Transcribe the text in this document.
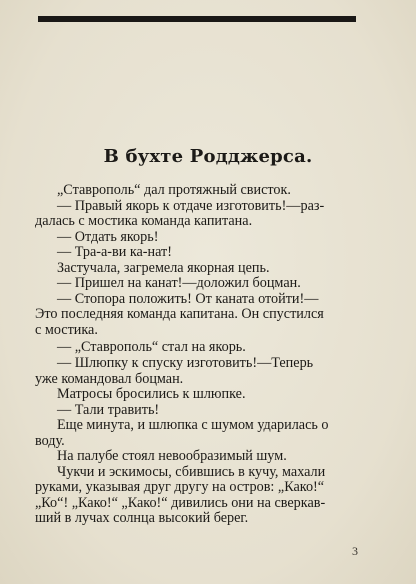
В бухте Родджерса.
„Ставрополь“ дал протяжный свисток.
— Правый якорь к отдаче изготовить!—раз-
далась с мостика команда капитана.
— Отдать якорь!
— Тра-а-ви ка-нат!
Застучала, загремела якорная цепь.
— Пришел на канат!—доложил боцман.
— Стопора положить! От каната отойти!—
Это последняя команда капитана. Он спустился
с мостика.
— „Ставрополь“ стал на якорь.
— Шлюпку к спуску изготовить!—Теперь
уже командовал боцман.
Матросы бросились к шлюпке.
— Тали травить!
Еще минута, и шлюпка с шумом ударилась о
воду.
На палубе стоял невообразимый шум.
Чукчи и эскимосы, сбившись в кучу, махали
руками, указывая друг другу на остров: „Како!“
„Ко“! „Како!“ „Како!“ дивились они на сверкав-
ший в лучах солнца высокий берег.
3
